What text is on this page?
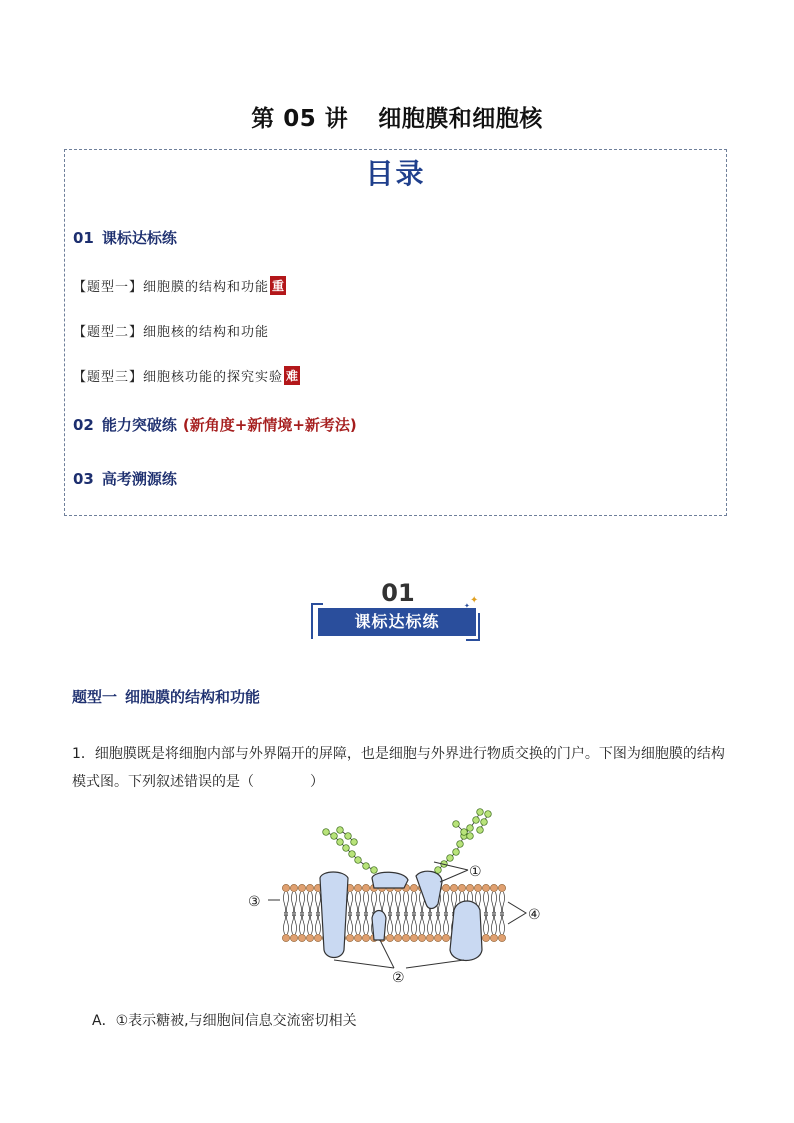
第 05 讲 细胞膜和细胞核
目录
01 课标达标练
【题型一】细胞膜的结构和功能 重
【题型二】细胞核的结构和功能
【题型三】细胞核功能的探究实验 难
02 能力突破练 (新角度+新情境+新考法)
03 高考溯源练
01
课标达标练
✦
✦
题型一 细胞膜的结构和功能
1．细胞膜既是将细胞内部与外界隔开的屏障，也是细胞与外界进行物质交换的门户。下图为细胞膜的结构模式图。下列叙述错误的是（　　　　）
①
②
③
④
A．①表示糖被,与细胞间信息交流密切相关
